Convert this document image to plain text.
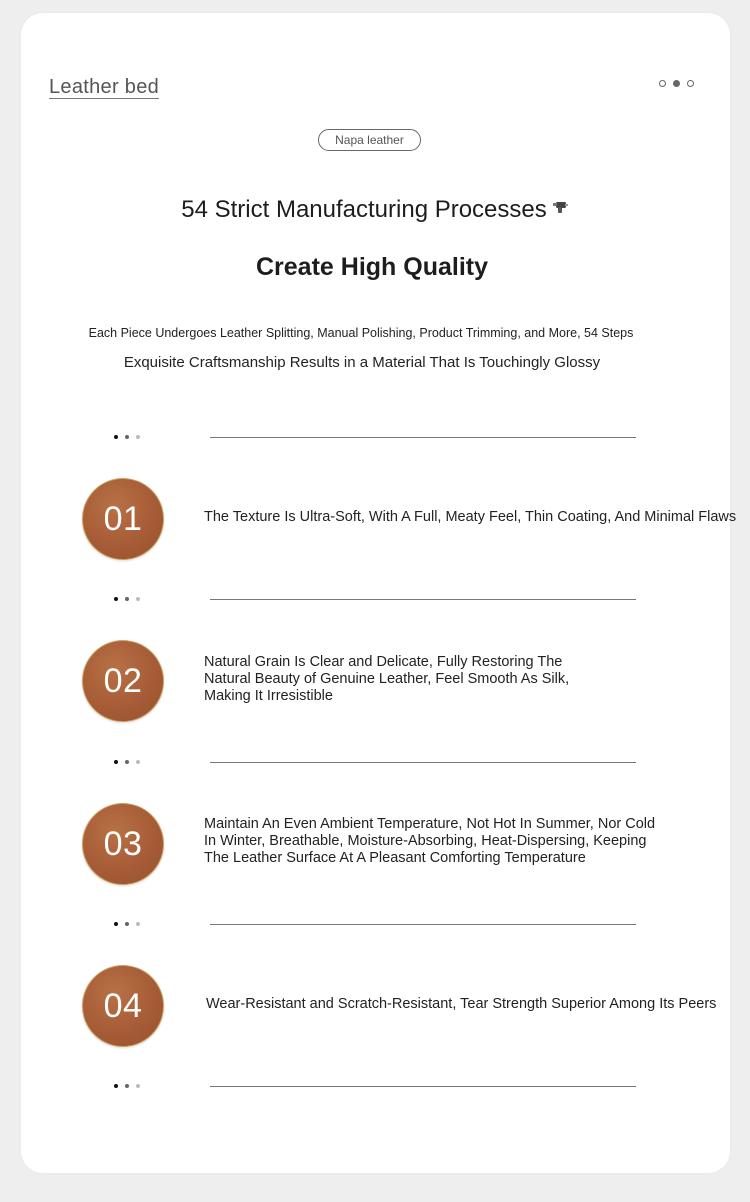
Leather bed
Napa leather
54 Strict Manufacturing Processes
Create High Quality
Each Piece Undergoes Leather Splitting, Manual Polishing, Product Trimming, and More, 54 Steps
Exquisite Craftsmanship Results in a Material That Is Touchingly Glossy
01	The Texture Is Ultra-Soft, With A Full, Meaty Feel, Thin Coating, And Minimal Flaws
02	Natural Grain Is Clear and Delicate, Fully Restoring The
Natural Beauty of Genuine Leather, Feel Smooth As Silk,
Making It Irresistible
03
Maintain An Even Ambient Temperature, Not Hot In Summer, Nor Cold
In Winter, Breathable, Moisture-Absorbing, Heat-Dispersing, Keeping
The Leather Surface At A Pleasant Comforting Temperature
04	Wear-Resistant and Scratch-Resistant, Tear Strength Superior Among Its Peers
